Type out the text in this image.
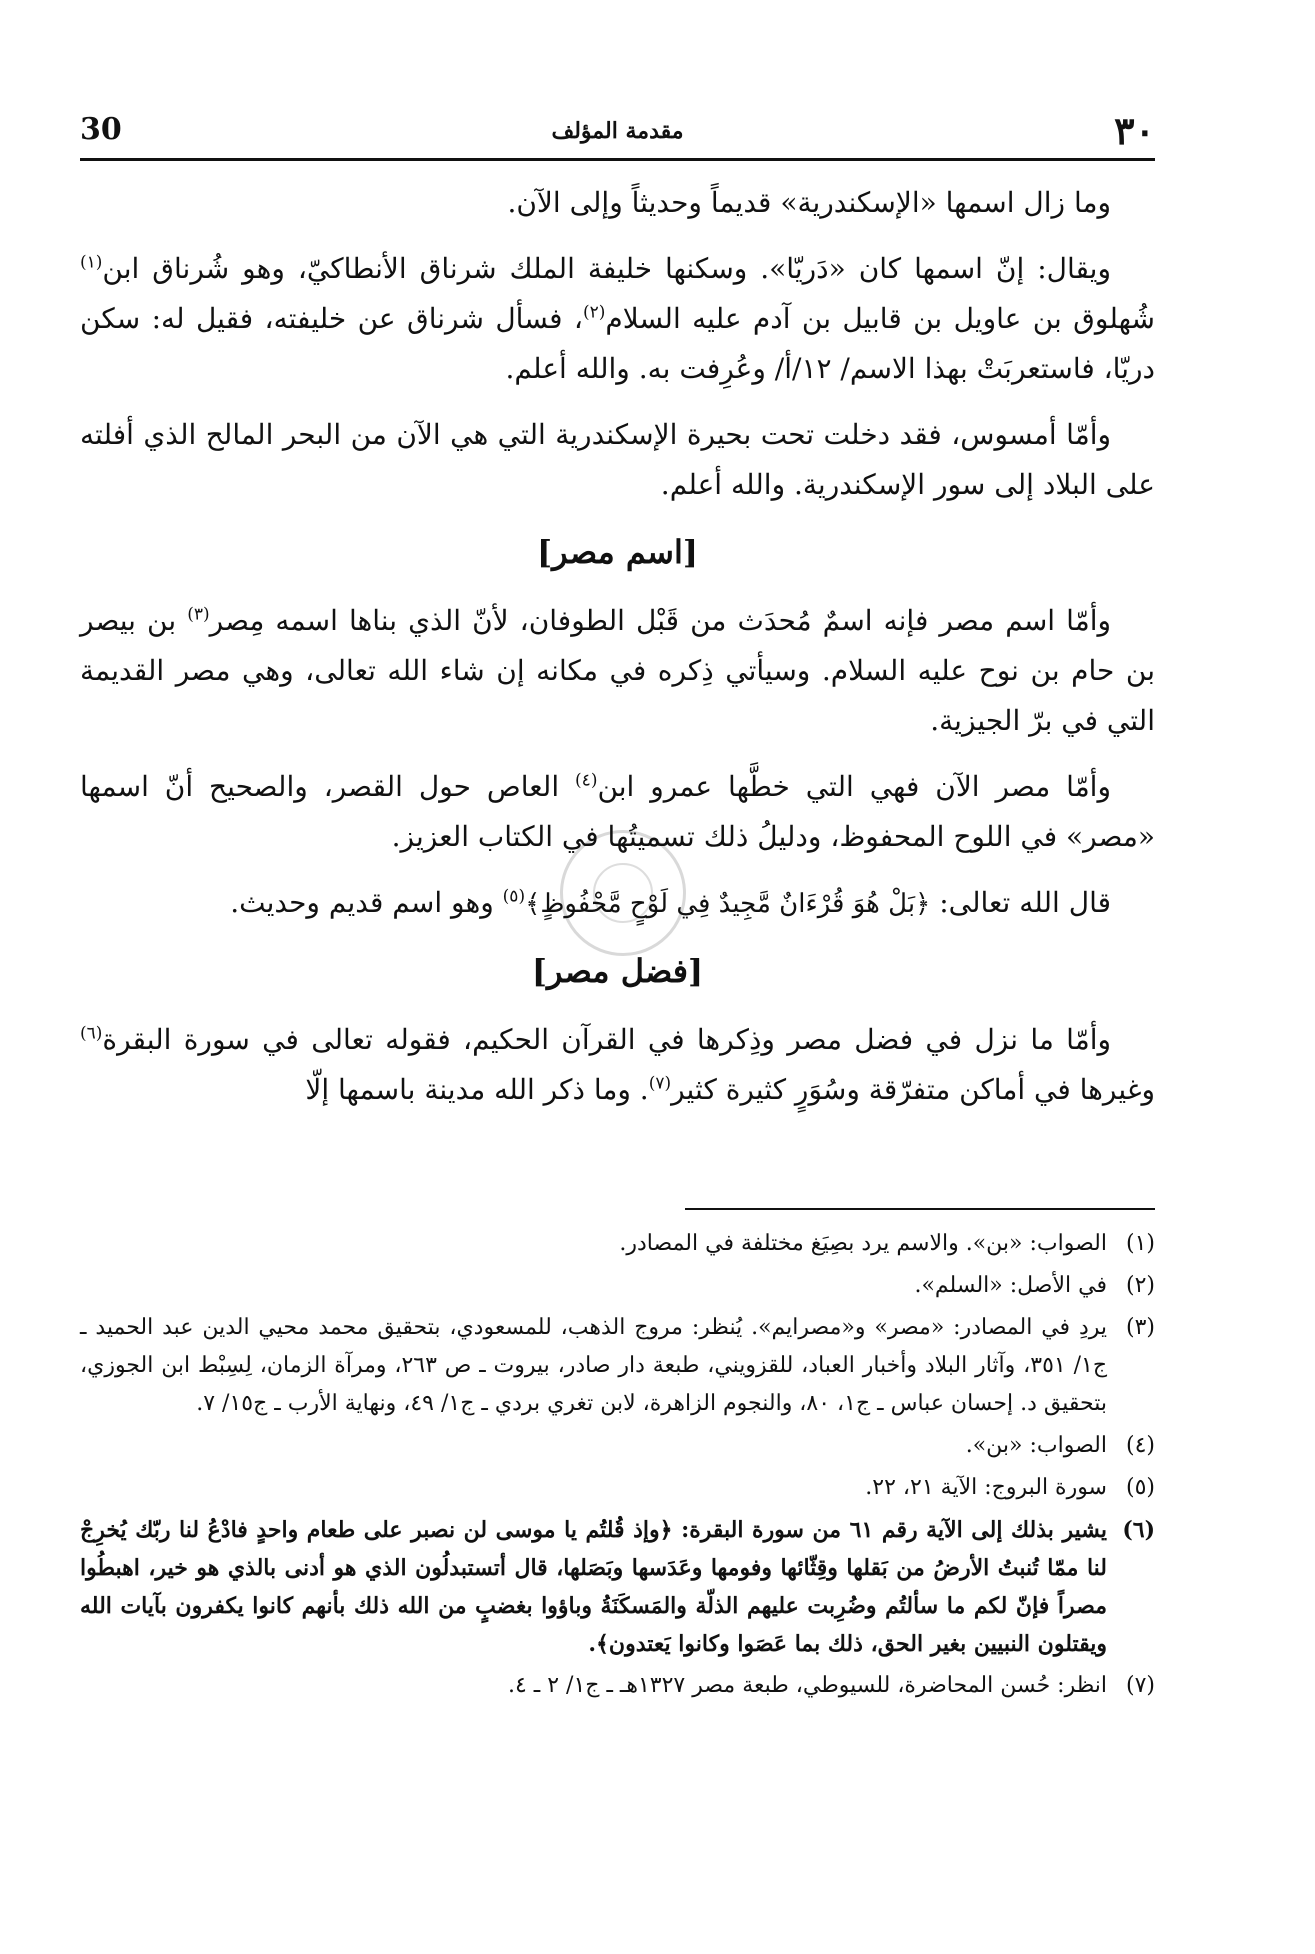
30	مقدمة المؤلف	٣٠

وما زال اسمها «الإسكندرية» قديماً وحديثاً وإلى الآن.

ويقال: إنّ اسمها كان «دَريّا». وسكنها خليفة الملك شرناق الأنطاكيّ، وهو شُرناق ابن$^{(١)}$ شُهلوق بن عاويل بن قابيل بن آدم عليه السلام$^{(٢)}$، فسأل شرناق عن خليفته، فقيل له: سكن دريّا، فاستعربَتْ بهذا الاسم/ ١٢/أ/ وعُرِفت به. والله أعلم.

وأمّا أمسوس، فقد دخلت تحت بحيرة الإسكندرية التي هي الآن من البحر المالح الذي أفلته على البلاد إلى سور الإسكندرية. والله أعلم.

[اسم مصر]

وأمّا اسم مصر فإنه اسمٌ مُحدَث من قَبْل الطوفان، لأنّ الذي بناها اسمه مِصر$^{(٣)}$ بن بيصر بن حام بن نوح عليه السلام. وسيأتي ذِكره في مكانه إن شاء الله تعالى، وهي مصر القديمة التي في برّ الجيزية.

وأمّا مصر الآن فهي التي خطَّها عمرو ابن$^{(٤)}$ العاص حول القصر، والصحيح أنّ اسمها «مصر» في اللوح المحفوظ، ودليلُ ذلك تسميتُها في الكتاب العزيز.

قال الله تعالى: ﴿بَلْ هُوَ قُرْءَانٌ مَّجِيدٌ فِي لَوْحٍ مَّحْفُوظٍ﴾$^{(٥)}$ وهو اسم قديم وحديث.

[فضل مصر]

وأمّا ما نزل في فضل مصر وذِكرها في القرآن الحكيم، فقوله تعالى في سورة البقرة$^{(٦)}$ وغيرها في أماكن متفرّقة وسُوَرٍ كثيرة كثير$^{(٧)}$. وما ذكر الله مدينة باسمها إلّا

(١)
الصواب: «بن». والاسم يرد بصِيَغ مختلفة في المصادر.
(٢)
في الأصل: «السلم».
(٣)
يردِ في المصادر: «مصر» و«مصرايم». يُنظر: مروج الذهب، للمسعودي، بتحقيق محمد محيي الدين عبد الحميد ـ ج١/ ٣٥١، وآثار البلاد وأخبار العباد، للقزويني، طبعة دار صادر، بيروت ـ ص ٢٦٣، ومرآة الزمان، لِسِبْط ابن الجوزي، بتحقيق د. إحسان عباس ـ ج١، ٨٠، والنجوم الزاهرة، لابن تغري بردي ـ ج١/ ٤٩، ونهاية الأرب ـ ج١٥/ ٧.
(٤)
الصواب: «بن».
(٥)
سورة البروج: الآية ٢١، ٢٢.
(٦)
يشير بذلك إلى الآية رقم ٦١ من سورة البقرة: ﴿وإذ قُلتُم يا موسى لن نصبر على طعام واحدٍ فادْعُ لنا ربّك يُخرِجْ لنا ممّا تُنبتُ الأرضُ من بَقلها وقِثّائها وفومها وعَدَسها وبَصَلها، قال أتستبدلُون الذي هو أدنى بالذي هو خير، اهبطُوا مصراً فإنّ لكم ما سألتُم وضُرِبت عليهم الذلّة والمَسكَنَةُ وباؤوا بغضبٍ من الله ذلك بأنهم كانوا يكفرون بآيات الله ويقتلون النبيين بغير الحق، ذلك بما عَصَوا وكانوا يَعتدون﴾.
(٧)
انظر: حُسن المحاضرة، للسيوطي، طبعة مصر ١٣٢٧هـ ـ ج١/ ٢ ـ ٤.
